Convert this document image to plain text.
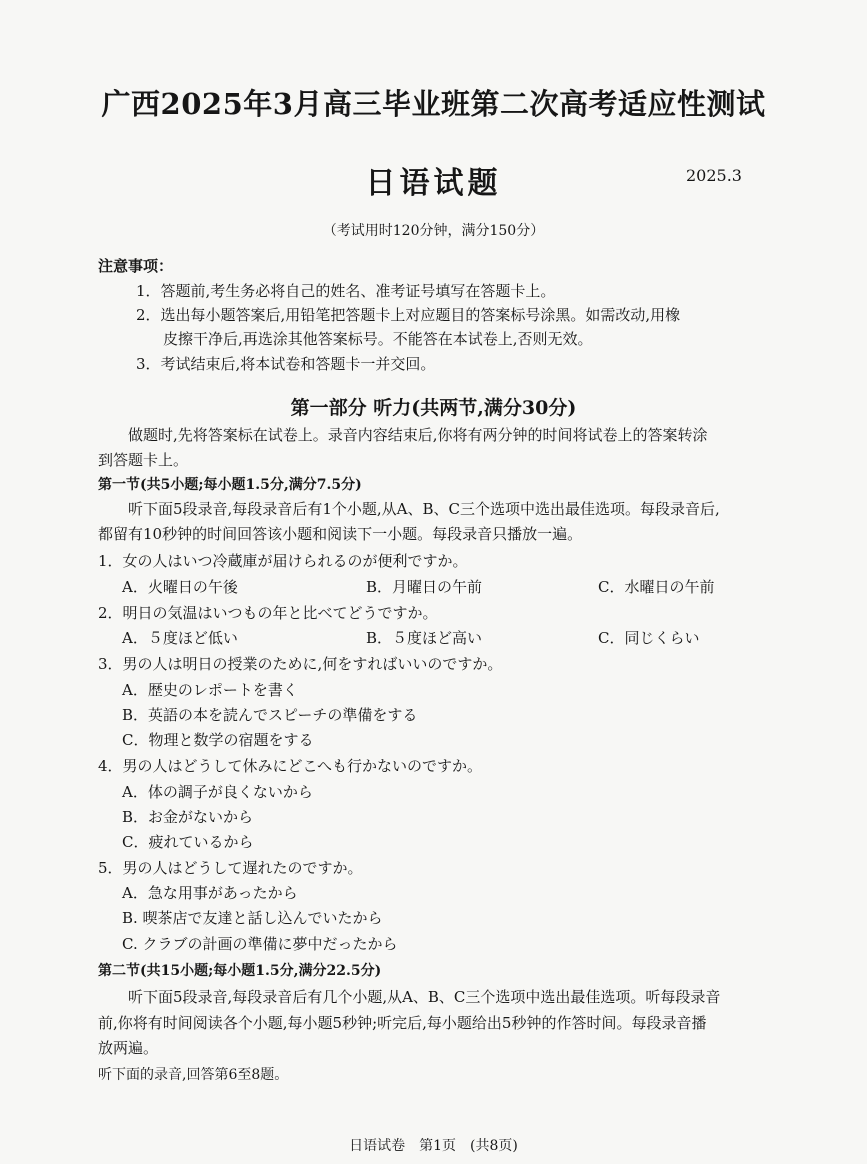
广西2025年3月高三毕业班第二次高考适应性测试
日语试题	2025.3
（考试用时120分钟，满分150分）
注意事项：
1．答题前,考生务必将自己的姓名、准考证号填写在答题卡上。
2．选出每小题答案后,用铅笔把答题卡上对应题目的答案标号涂黑。如需改动,用橡
皮擦干净后,再选涂其他答案标号。不能答在本试卷上,否则无效。
3．考试结束后,将本试卷和答题卡一并交回。
第一部分 听力(共两节,满分30分)
做题时,先将答案标在试卷上。录音内容结束后,你将有两分钟的时间将试卷上的答案转涂
到答题卡上。
第一节(共5小题;每小题1.5分,满分7.5分)
听下面5段录音,每段录音后有1个小题,从A、B、C三个选项中选出最佳选项。每段录音后,
都留有10秒钟的时间回答该小题和阅读下一小题。每段录音只播放一遍。
1．女の人はいつ冷蔵庫が届けられるのが便利ですか。
A．火曜日の午後	B．月曜日の午前	C．水曜日の午前
2．明日の気温はいつもの年と比べてどうですか。
A．５度ほど低い	B．５度ほど高い	C．同じくらい
3．男の人は明日の授業のために,何をすればいいのですか。
A．歴史のレポートを書く
B．英語の本を読んでスピーチの準備をする
C．物理と数学の宿題をする
4．男の人はどうして休みにどこへも行かないのですか。
A．体の調子が良くないから
B．お金がないから
C．疲れているから
5．男の人はどうして遅れたのですか。
A．急な用事があったから
B. 喫茶店で友達と話し込んでいたから
C. クラブの計画の準備に夢中だったから
第二节(共15小题;每小题1.5分,满分22.5分)
听下面5段录音,每段录音后有几个小题,从A、B、C三个选项中选出最佳选项。听每段录音
前,你将有时间阅读各个小题,每小题5秒钟;听完后,每小题给出5秒钟的作答时间。每段录音播
放两遍。
听下面的录音,回答第6至8题。
日语试卷　第1页　(共8页)
